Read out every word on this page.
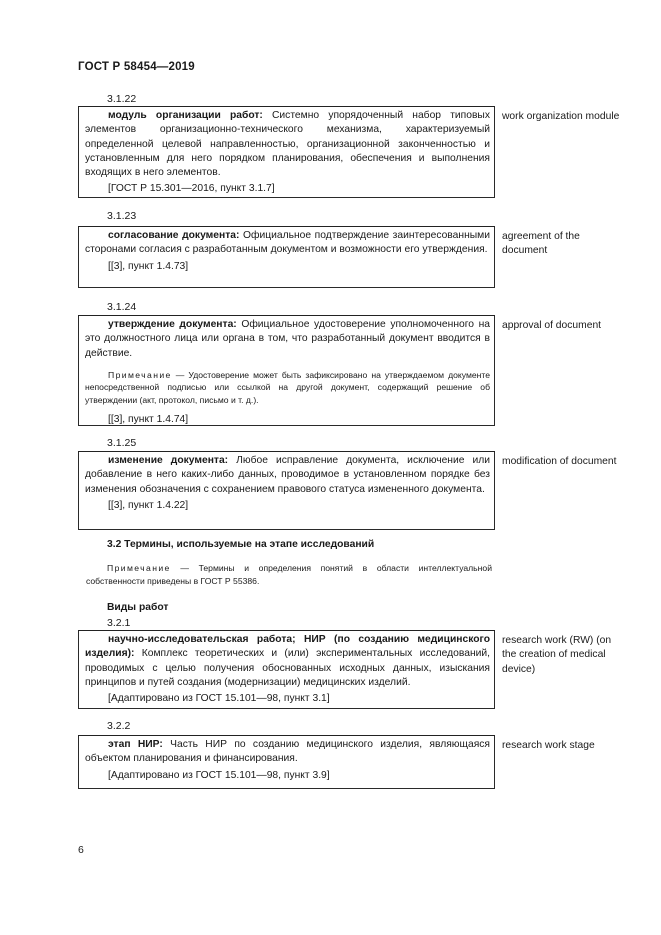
ГОСТ Р 58454—2019
3.1.22

модуль организации работ: Системно упорядоченный набор типовых элементов организационно-технического механизма, характеризуемый определенной целевой направленностью, организационной законченностью и установленным для него порядком планирования, обеспечения и выполнения входящих в него элементов.

[ГОСТ Р 15.301—2016, пункт 3.1.7]
work organization module
3.1.23

согласование документа: Официальное подтверждение заинтересованными сторонами согласия с разработанным документом и возможности его утверждения.

[[3], пункт 1.4.73]
agreement of the document
3.1.24

утверждение документа: Официальное удостоверение уполномоченного на это должностного лица или органа в том, что разработанный документ вводится в действие.

Примечание — Удостоверение может быть зафиксировано на утверждаемом документе непосредственной подписью или ссылкой на другой документ, содержащий решение об утверждении (акт, протокол, письмо и т. д.).

[[3], пункт 1.4.74]
approval of document
3.1.25

изменение документа: Любое исправление документа, исключение или добавление в него каких-либо данных, проводимое в установленном порядке без изменения обозначения с сохранением правового статуса измененного документа.

[[3], пункт 1.4.22]
modification of document
3.2 Термины, используемые на этапе исследований
Примечание — Термины и определения понятий в области интеллектуальной собственности приведены в ГОСТ Р 55386.
Виды работ
3.2.1

научно-исследовательская работа; НИР (по созданию медицинского изделия): Комплекс теоретических и (или) экспериментальных исследований, проводимых с целью получения обоснованных исходных данных, изыскания принципов и путей создания (модернизации) медицинских изделий.

[Адаптировано из ГОСТ 15.101—98, пункт 3.1]
research work (RW) (on the creation of medical device)
3.2.2

этап НИР: Часть НИР по созданию медицинского изделия, являющаяся объектом планирования и финансирования.

[Адаптировано из ГОСТ 15.101—98, пункт 3.9]
research work stage
6
